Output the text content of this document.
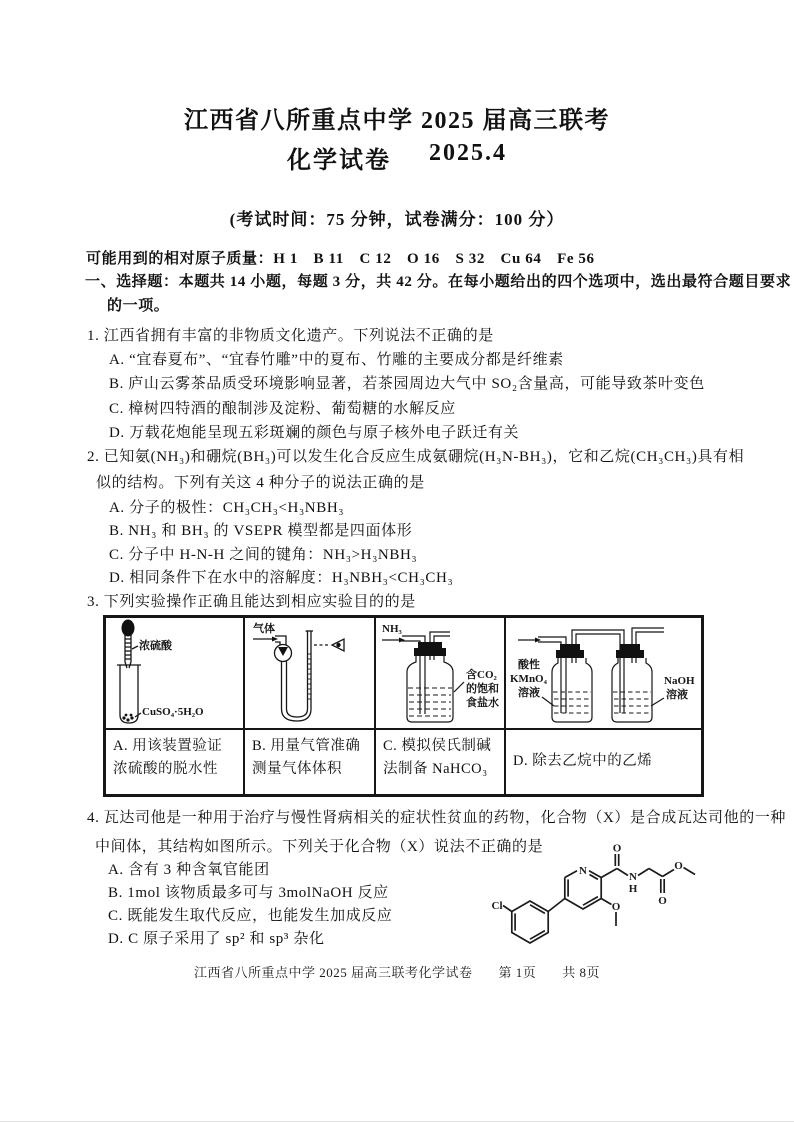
江西省八所重点中学 2025 届高三联考
化学试卷 2025.4
(考试时间：75 分钟，试卷满分：100 分）
可能用到的相对原子质量：H 1　B 11　C 12　O 16　S 32　Cu 64　Fe 56
一、选择题：本题共 14 小题，每题 3 分，共 42 分。在每小题给出的四个选项中，选出最符合题目要求
的一项。
1. 江西省拥有丰富的非物质文化遗产。下列说法不正确的是
A. “宜春夏布”、“宜春竹雕”中的夏布、竹雕的主要成分都是纤维素
B. 庐山云雾茶品质受环境影响显著，若茶园周边大气中 SO₂含量高，可能导致茶叶变色
C. 樟树四特酒的酿制涉及淀粉、葡萄糖的水解反应
D. 万载花炮能呈现五彩斑斓的颜色与原子核外电子跃迁有关
2. 已知氨(NH₃)和硼烷(BH₃)可以发生化合反应生成氨硼烷(H₃N-BH₃)，它和乙烷(CH₃CH₃)具有相
似的结构。下列有关这 4 种分子的说法正确的是
A. 分子的极性：CH₃CH₃<H₃NBH₃
B. NH₃ 和 BH₃ 的 VSEPR 模型都是四面体形
C. 分子中 H-N-H 之间的键角：NH₃>H₃NBH₃
D. 相同条件下在水中的溶解度：H₃NBH₃<CH₃CH₃
3. 下列实验操作正确且能达到相应实验目的的是
浓硫酸
CuSO₄·5H₂O
气体	NH₃
含CO₂
的饱和
食盐水
酸性
KMnO₄
溶液
NaOH
溶液
A. 用该装置验证浓硫酸的脱水性
B. 用量气管准确测量气体体积
C. 模拟侯氏制碱法制备 NaHCO₃
D. 除去乙烷中的乙烯
4. 瓦达司他是一种用于治疗与慢性肾病相关的症状性贫血的药物，化合物（X）是合成瓦达司他的一种
中间体，其结构如图所示。下列关于化合物（X）说法不正确的是
A. 含有 3 种含氧官能团
B. 1mol 该物质最多可与 3molNaOH 反应
C. 既能发生取代反应，也能发生加成反应
D. C 原子采用了 sp² 和 sp³ 杂化
Cl
N
O
N
H
O
O
O
江西省八所重点中学 2025 届高三联考化学试卷 第 1页 共 8页
